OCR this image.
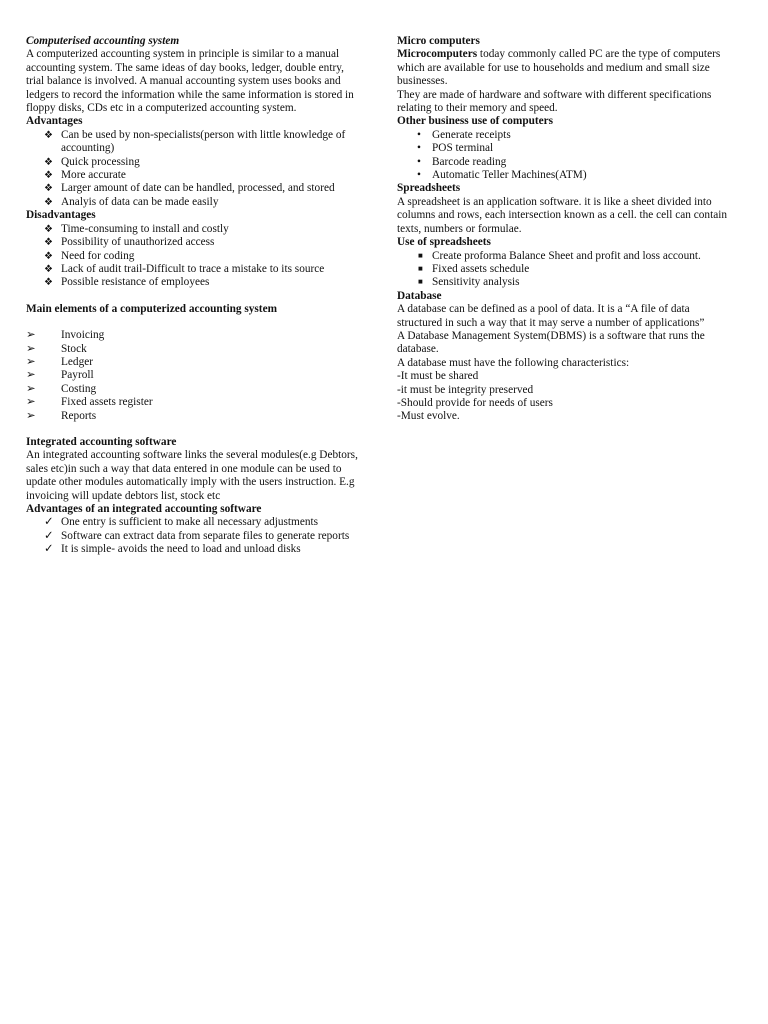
Computerised accounting system

A computerized accounting system in principle is similar to a manual accounting system. The same ideas of day books, ledger, double entry, trial balance is involved. A manual accounting system uses books and ledgers to record the information while the same information is stored in floppy disks, CDs etc in a computerized accounting system.

Advantages

❖ Can be used by non-specialists(person with little knowledge of accounting)
❖ Quick processing
❖ More accurate
❖ Larger amount of date can be handled, processed, and stored
❖ Analyis of data can be made easily

Disadvantages

❖ Time-consuming to install and costly
❖ Possibility of unauthorized access
❖ Need for coding
❖ Lack of audit trail-Difficult to trace a mistake to its source
❖ Possible resistance of employees

Main elements of a computerized accounting system

➢ Invoicing
➢ Stock
➢ Ledger
➢ Payroll
➢ Costing
➢ Fixed assets register
➢ Reports

Integrated accounting software

An integrated accounting software links the several modules(e.g Debtors, sales etc)in such a way that data entered in one module can be used to update other modules automatically imply with the users instruction. E.g invoicing will update debtors list, stock etc

Advantages of an integrated accounting software

✓ One entry is sufficient to make all necessary adjustments
✓ Software can extract data from separate files to generate reports
✓ It is simple- avoids the need to load and unload disks

Micro computers

Microcomputers today commonly called PC are the type of computers which are available for use to households and medium and small size businesses.

They are made of hardware and software with different specifications relating to their memory and speed.

Other business use of computers

• Generate receipts
• POS terminal
• Barcode reading
• Automatic Teller Machines(ATM)

Spreadsheets

A spreadsheet is an application software. it is like a sheet divided into columns and rows, each intersection known as a cell. the cell can contain texts, numbers or formulae.

Use of spreadsheets

■ Create proforma Balance Sheet and profit and loss account.
■ Fixed assets schedule
■ Sensitivity analysis

Database

A database can be defined as a pool of data. It is a “A file of data structured in such a way that it may serve a number of applications”

A Database Management System(DBMS) is a software that runs the database.

A database must have the following characteristics:

-It must be shared

-it must be integrity preserved

-Should provide for needs of users

-Must evolve.
